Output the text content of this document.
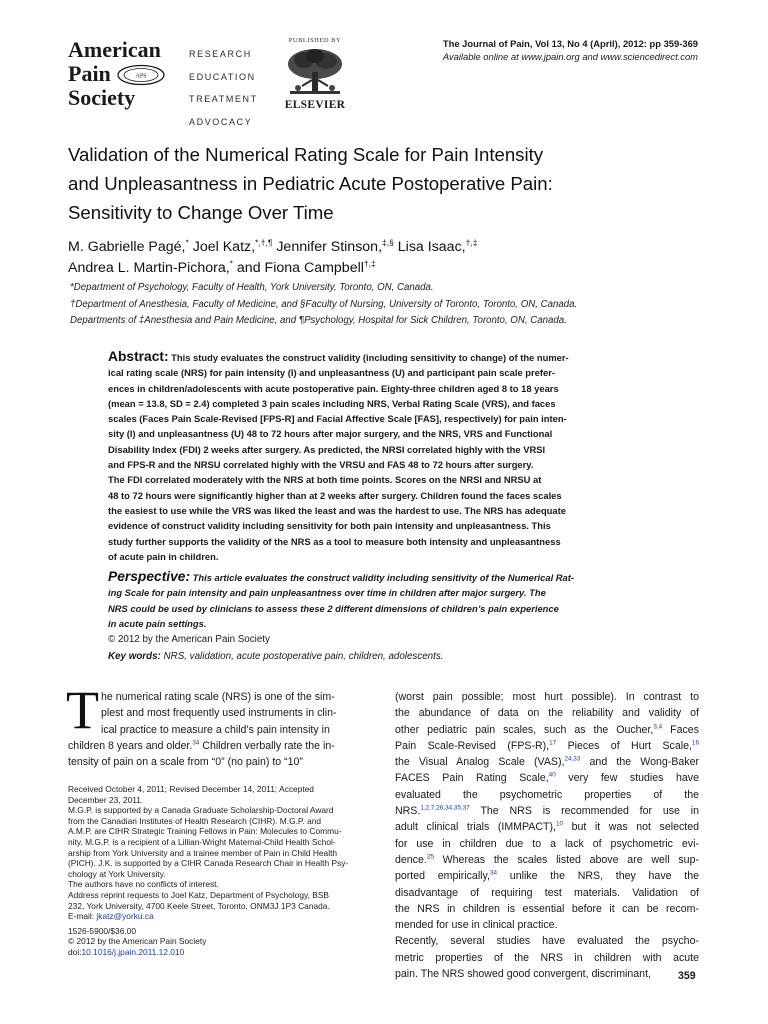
American
Pain
Society
APS
RESEARCH
EDUCATION
TREATMENT
ADVOCACY
PUBLISHED BY
ELSEVIER
The Journal of Pain, Vol 13, No 4 (April), 2012: pp 359-369
Available online at www.jpain.org and www.sciencedirect.com
Validation of the Numerical Rating Scale for Pain Intensity
and Unpleasantness in Pediatric Acute Postoperative Pain:
Sensitivity to Change Over Time
M. Gabrielle Pagé,* Joel Katz,*,†,¶ Jennifer Stinson,‡,§ Lisa Isaac,†,‡
Andrea L. Martin-Pichora,* and Fiona Campbell†,‡
*Department of Psychology, Faculty of Health, York University, Toronto, ON, Canada.
†Department of Anesthesia, Faculty of Medicine, and §Faculty of Nursing, University of Toronto, Toronto, ON, Canada.
Departments of ‡Anesthesia and Pain Medicine, and ¶Psychology, Hospital for Sick Children, Toronto, ON, Canada.
Abstract: This study evaluates the construct validity (including sensitivity to change) of the numer-
ical rating scale (NRS) for pain intensity (I) and unpleasantness (U) and participant pain scale prefer-
ences in children/adolescents with acute postoperative pain. Eighty-three children aged 8 to 18 years
(mean = 13.8, SD = 2.4) completed 3 pain scales including NRS, Verbal Rating Scale (VRS), and faces
scales (Faces Pain Scale-Revised [FPS-R] and Facial Affective Scale [FAS], respectively) for pain inten-
sity (I) and unpleasantness (U) 48 to 72 hours after major surgery, and the NRS, VRS and Functional
Disability Index (FDI) 2 weeks after surgery. As predicted, the NRSI correlated highly with the VRSI
and FPS-R and the NRSU correlated highly with the VRSU and FAS 48 to 72 hours after surgery.
The FDI correlated moderately with the NRS at both time points. Scores on the NRSI and NRSU at
48 to 72 hours were significantly higher than at 2 weeks after surgery. Children found the faces scales
the easiest to use while the VRS was liked the least and was the hardest to use. The NRS has adequate
evidence of construct validity including sensitivity for both pain intensity and unpleasantness. This
study further supports the validity of the NRS as a tool to measure both intensity and unpleasantness
of acute pain in children.
Perspective: This article evaluates the construct validity including sensitivity of the Numerical Rat-
ing Scale for pain intensity and pain unpleasantness over time in children after major surgery. The
NRS could be used by clinicians to assess these 2 different dimensions of children’s pain experience
in acute pain settings.
© 2012 by the American Pain Society
Key words: NRS, validation, acute postoperative pain, children, adolescents.
T he numerical rating scale (NRS) is one of the sim-
plest and most frequently used instruments in clin-
ical practice to measure a child’s pain intensity in
children 8 years and older.$^{34}$ Children verbally rate the in-
tensity of pain on a scale from “0” (no pain) to “10”
Received October 4, 2011; Revised December 14, 2011; Accepted
December 23, 2011.
M.G.P. is supported by a Canada Graduate Scholarship-Doctoral Award
from the Canadian Institutes of Health Research (CIHR). M.G.P. and
A.M.P. are CIHR Strategic Training Fellows in Pain: Molecules to Commu-
nity. M.G.P. is a recipient of a Lillian-Wright Maternal-Child Health Schol-
arship from York University and a trainee member of Pain in Child Health
(PICH). J.K. is supported by a CIHR Canada Research Chair in Health Psy-
chology at York University.
The authors have no conflicts of interest.
Address reprint requests to Joel Katz, Department of Psychology, BSB
232, York University, 4700 Keele Street, Toronto, ONM3J 1P3 Canada.
E-mail: jkatz@yorku.ca
1526-5900/$36.00
© 2012 by the American Pain Society
doi:10.1016/j.jpain.2011.12.010
(worst pain possible; most hurt possible). In contrast to
the abundance of data on the reliability and validity of
other pediatric pain scales, such as the Oucher,$^{3,4}$ Faces
Pain Scale-Revised (FPS-R),$^{17}$ Pieces of Hurt Scale,$^{16}$
the Visual Analog Scale (VAS),$^{24,33}$ and the Wong-Baker
FACES Pain Rating Scale,$^{40}$ very few studies have
evaluated the psychometric properties of the
NRS.$^{1,2,7,26,34,35,37}$ The NRS is recommended for use in
adult clinical trials (IMMPACT),$^{10}$ but it was not selected
for use in children due to a lack of psychometric evi-
dence.$^{25}$ Whereas the scales listed above are well sup-
ported empirically,$^{34}$ unlike the NRS, they have the
disadvantage of requiring test materials. Validation of
the NRS in children is essential before it can be recom-
mended for use in clinical practice.
Recently, several studies have evaluated the psycho-
metric properties of the NRS in children with acute
pain. The NRS showed good convergent, discriminant,	359
